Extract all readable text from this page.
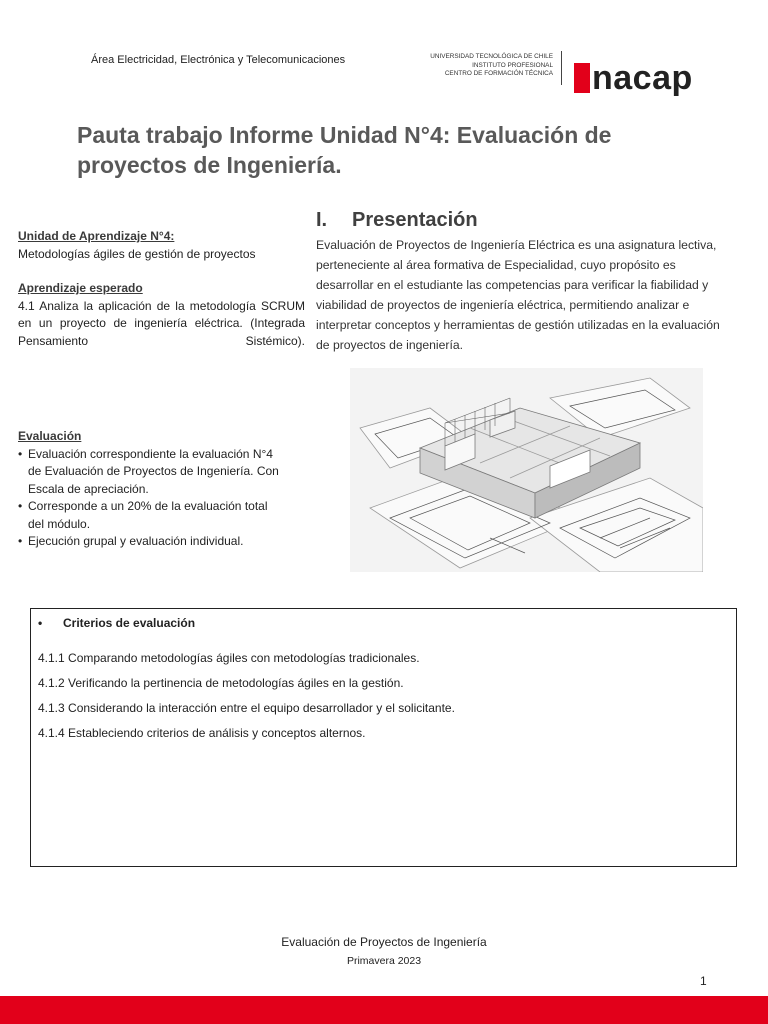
Área Electricidad, Electrónica y Telecomunicaciones	UNIVERSIDAD TECNOLÓGICA DE CHILE
INSTITUTO PROFESIONAL
CENTRO DE FORMACIÓN TÉCNICA nacap
Pauta trabajo Informe Unidad N°4: Evaluación de proyectos de Ingeniería.
Unidad de Aprendizaje N°4:
Metodologías ágiles de gestión de proyectos
Aprendizaje esperado
4.1 Analiza la aplicación de la metodología SCRUM
en un proyecto de ingeniería eléctrica. (Integrada
Pensamiento Sistémico).
Evaluación
• Evaluación correspondiente la evaluación N°4 de Evaluación de Proyectos de Ingeniería. Con Escala de apreciación.
• Corresponde a un 20% de la evaluación total del módulo.
• Ejecución grupal y evaluación individual.
I. Presentación
Evaluación de Proyectos de Ingeniería Eléctrica es una asignatura lectiva, perteneciente al área formativa de Especialidad, cuyo propósito es desarrollar en el estudiante las competencias para verificar la fiabilidad y viabilidad de proyectos de ingeniería eléctrica, permitiendo analizar e interpretar conceptos y herramientas de gestión utilizadas en la evaluación de proyectos de ingeniería.
• Criterios de evaluación
4.1.1 Comparando metodologías ágiles con metodologías tradicionales.
4.1.2 Verificando la pertinencia de metodologías ágiles en la gestión.
4.1.3 Considerando la interacción entre el equipo desarrollador y el solicitante.
4.1.4 Estableciendo criterios de análisis y conceptos alternos.
Evaluación de Proyectos de Ingeniería
Primavera 2023
1
